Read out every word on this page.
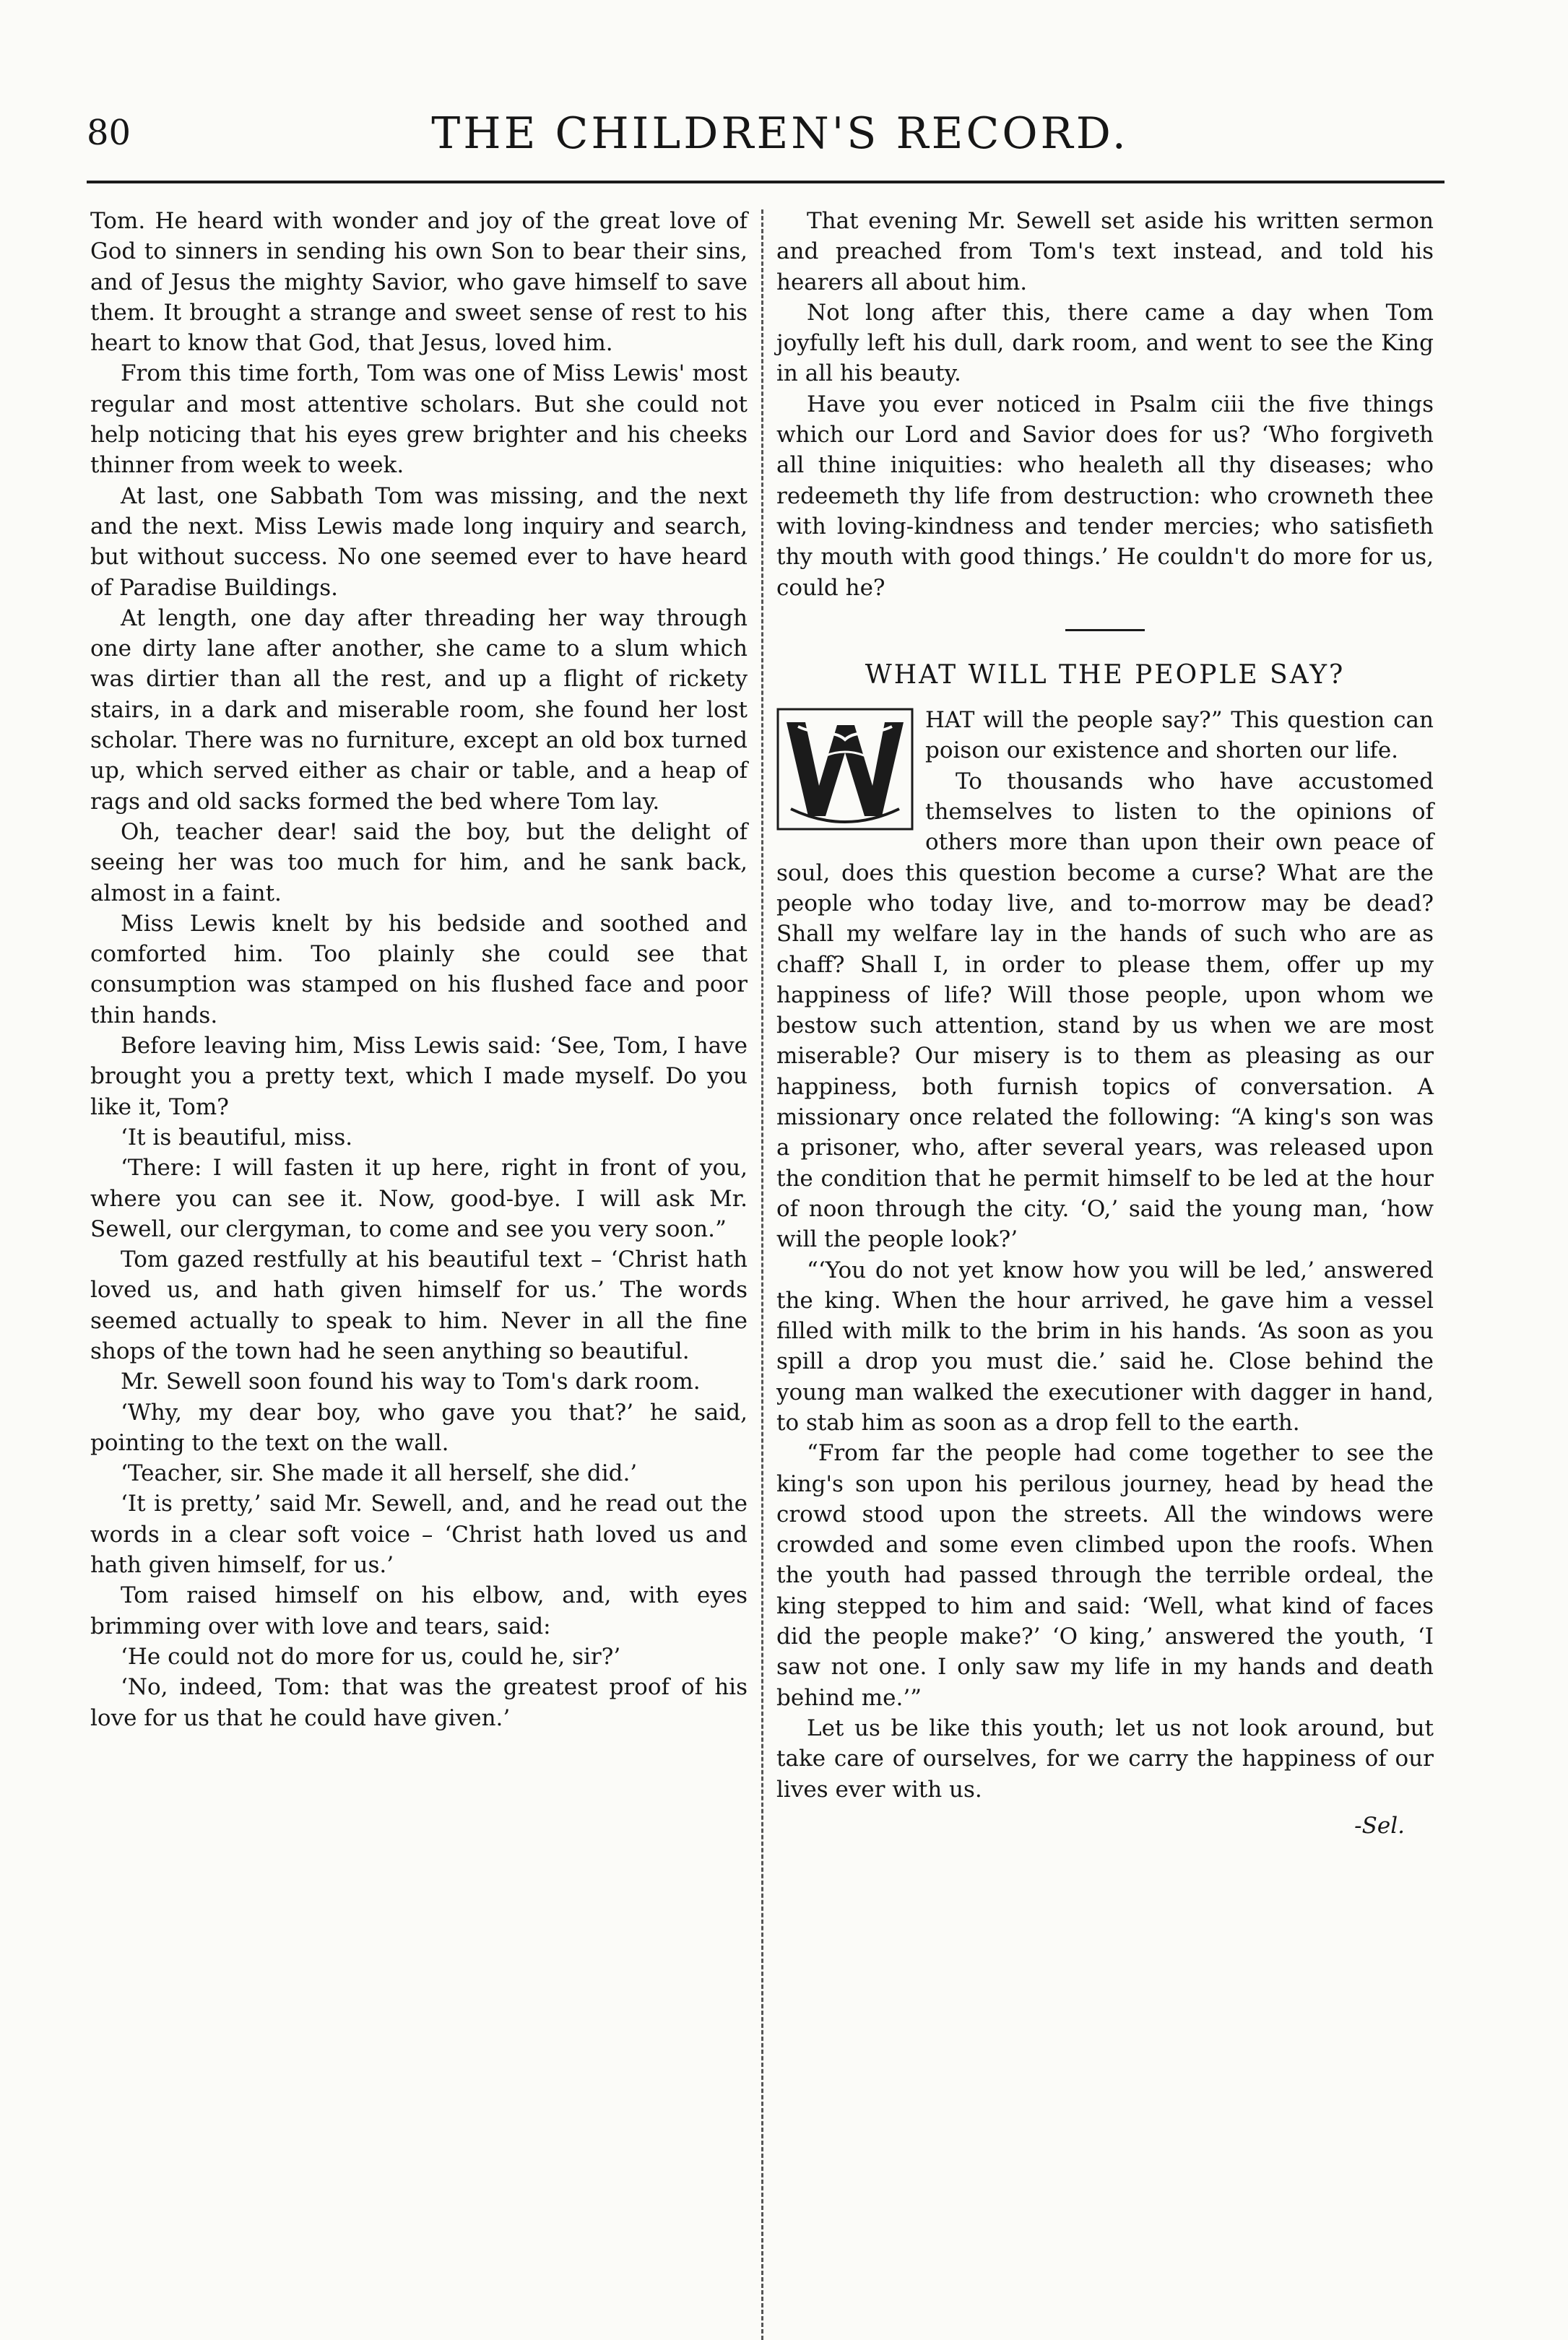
80	THE CHILDREN'S RECORD.

Tom. He heard with wonder and joy of the great love of God to sinners in sending his own Son to bear their sins, and of Jesus the mighty Savior, who gave himself to save them. It brought a strange and sweet sense of rest to his heart to know that God, that Jesus, loved him.

From this time forth, Tom was one of Miss Lewis' most regular and most attentive scholars. But she could not help noticing that his eyes grew brighter and his cheeks thinner from week to week.

At last, one Sabbath Tom was missing, and the next and the next. Miss Lewis made long inquiry and search, but without success. No one seemed ever to have heard of Paradise Buildings.

At length, one day after threading her way through one dirty lane after another, she came to a slum which was dirtier than all the rest, and up a flight of rickety stairs, in a dark and miserable room, she found her lost scholar. There was no furniture, except an old box turned up, which served either as chair or table, and a heap of rags and old sacks formed the bed where Tom lay.

Oh, teacher dear! said the boy, but the delight of seeing her was too much for him, and he sank back, almost in a faint.

Miss Lewis knelt by his bedside and soothed and comforted him. Too plainly she could see that consumption was stamped on his flushed face and poor thin hands.

Before leaving him, Miss Lewis said: ‘See, Tom, I have brought you a pretty text, which I made myself. Do you like it, Tom?

‘It is beautiful, miss.

‘There: I will fasten it up here, right in front of you, where you can see it. Now, good-bye. I will ask Mr. Sewell, our clergyman, to come and see you very soon.”

Tom gazed restfully at his beautiful text – ‘Christ hath loved us, and hath given himself for us.’ The words seemed actually to speak to him. Never in all the fine shops of the town had he seen anything so beautiful.

Mr. Sewell soon found his way to Tom's dark room.

‘Why, my dear boy, who gave you that?’ he said, pointing to the text on the wall.

‘Teacher, sir. She made it all herself, she did.’

‘It is pretty,’ said Mr. Sewell, and, and he read out the words in a clear soft voice – ‘Christ hath loved us and hath given himself, for us.’

Tom raised himself on his elbow, and, with eyes brimming over with love and tears, said:

‘He could not do more for us, could he, sir?’

‘No, indeed, Tom: that was the greatest proof of his love for us that he could have given.’

That evening Mr. Sewell set aside his written sermon and preached from Tom's text instead, and told his hearers all about him.

Not long after this, there came a day when Tom joyfully left his dull, dark room, and went to see the King in all his beauty.

Have you ever noticed in Psalm ciii the five things which our Lord and Savior does for us? ‘Who forgiveth all thine iniquities: who healeth all thy diseases; who redeemeth thy life from destruction: who crowneth thee with loving-kindness and tender mercies; who satisfieth thy mouth with good things.’ He couldn't do more for us, could he?

WHAT WILL THE PEOPLE SAY?

HAT will the people say?” This question can poison our existence and shorten our life.

To thousands who have accustomed themselves to listen to the opinions of others more than upon their own peace of soul, does this question become a curse? What are the people who today live, and to-morrow may be dead? Shall my welfare lay in the hands of such who are as chaff? Shall I, in order to please them, offer up my happiness of life? Will those people, upon whom we bestow such attention, stand by us when we are most miserable? Our misery is to them as pleasing as our happiness, both furnish topics of conversation. A missionary once related the following: “A king's son was a prisoner, who, after several years, was released upon the condition that he permit himself to be led at the hour of noon through the city. ‘O,’ said the young man, ‘how will the people look?’

“‘You do not yet know how you will be led,’ answered the king. When the hour arrived, he gave him a vessel filled with milk to the brim in his hands. ‘As soon as you spill a drop you must die.’ said he. Close behind the young man walked the executioner with dagger in hand, to stab him as soon as a drop fell to the earth.

“From far the people had come together to see the king's son upon his perilous journey, head by head the crowd stood upon the streets. All the windows were crowded and some even climbed upon the roofs. When the youth had passed through the terrible ordeal, the king stepped to him and said: ‘Well, what kind of faces did the people make?’ ‘O king,’ answered the youth, ‘I saw not one. I only saw my life in my hands and death behind me.’”

Let us be like this youth; let us not look around, but take care of ourselves, for we carry the happiness of our lives ever with us.

-Sel.
